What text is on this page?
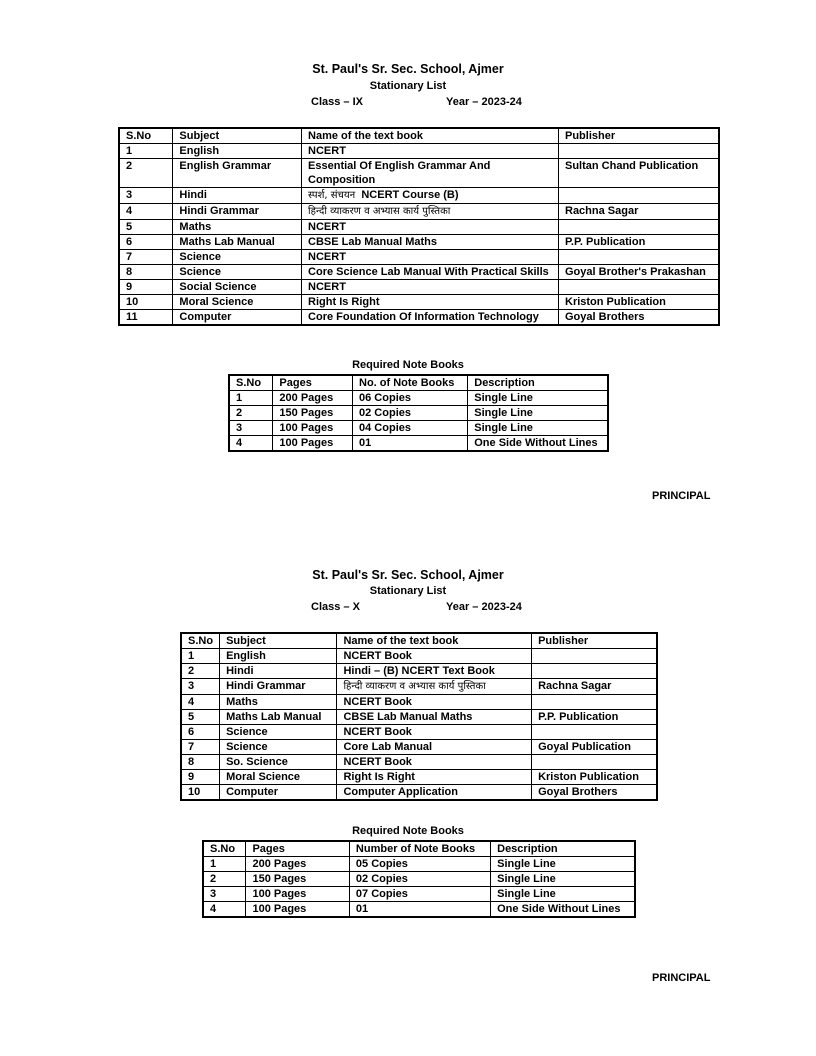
St. Paul's Sr. Sec. School, Ajmer
Stationary List
Class – IX	Year – 2023-24
S.No	Subject	Name of the text book	Publisher
1	English	NCERT	
2	English Grammar	Essential Of English Grammar And Composition	Sultan Chand Publication
3	Hindi	स्पर्श, संचयन NCERT Course (B)	
4	Hindi Grammar	हिन्दी व्याकरण व अभ्यास कार्य पुस्तिका	Rachna Sagar
5	Maths	NCERT	
6	Maths Lab Manual	CBSE Lab Manual Maths	P.P. Publication
7	Science	NCERT	
8	Science	Core Science Lab Manual With Practical Skills	Goyal Brother's Prakashan
9	Social Science	NCERT	
10	Moral Science	Right Is Right	Kriston Publication
11	Computer	Core Foundation Of Information Technology	Goyal Brothers
Required Note Books
S.No	Pages	No. of Note Books	Description
1	200 Pages	06 Copies	Single Line
2	150 Pages	02 Copies	Single Line
3	100 Pages	04 Copies	Single Line
4	100 Pages	01	One Side Without Lines
PRINCIPAL
St. Paul's Sr. Sec. School, Ajmer
Stationary List
Class – X	Year – 2023-24
S.No	Subject	Name of the text book	Publisher
1	English	NCERT Book	
2	Hindi	Hindi – (B) NCERT Text Book	
3	Hindi Grammar	हिन्दी व्याकरण व अभ्यास कार्य पुस्तिका	Rachna Sagar
4	Maths	NCERT Book	
5	Maths Lab Manual	CBSE Lab Manual Maths	P.P. Publication
6	Science	NCERT Book	
7	Science	Core Lab Manual	Goyal Publication
8	So. Science	NCERT Book	
9	Moral Science	Right Is Right	Kriston Publication
10	Computer	Computer Application	Goyal Brothers
Required Note Books
S.No	Pages	Number of Note Books	Description
1	200 Pages	05 Copies	Single Line
2	150 Pages	02 Copies	Single Line
3	100 Pages	07 Copies	Single Line
4	100 Pages	01	One Side Without Lines
PRINCIPAL
